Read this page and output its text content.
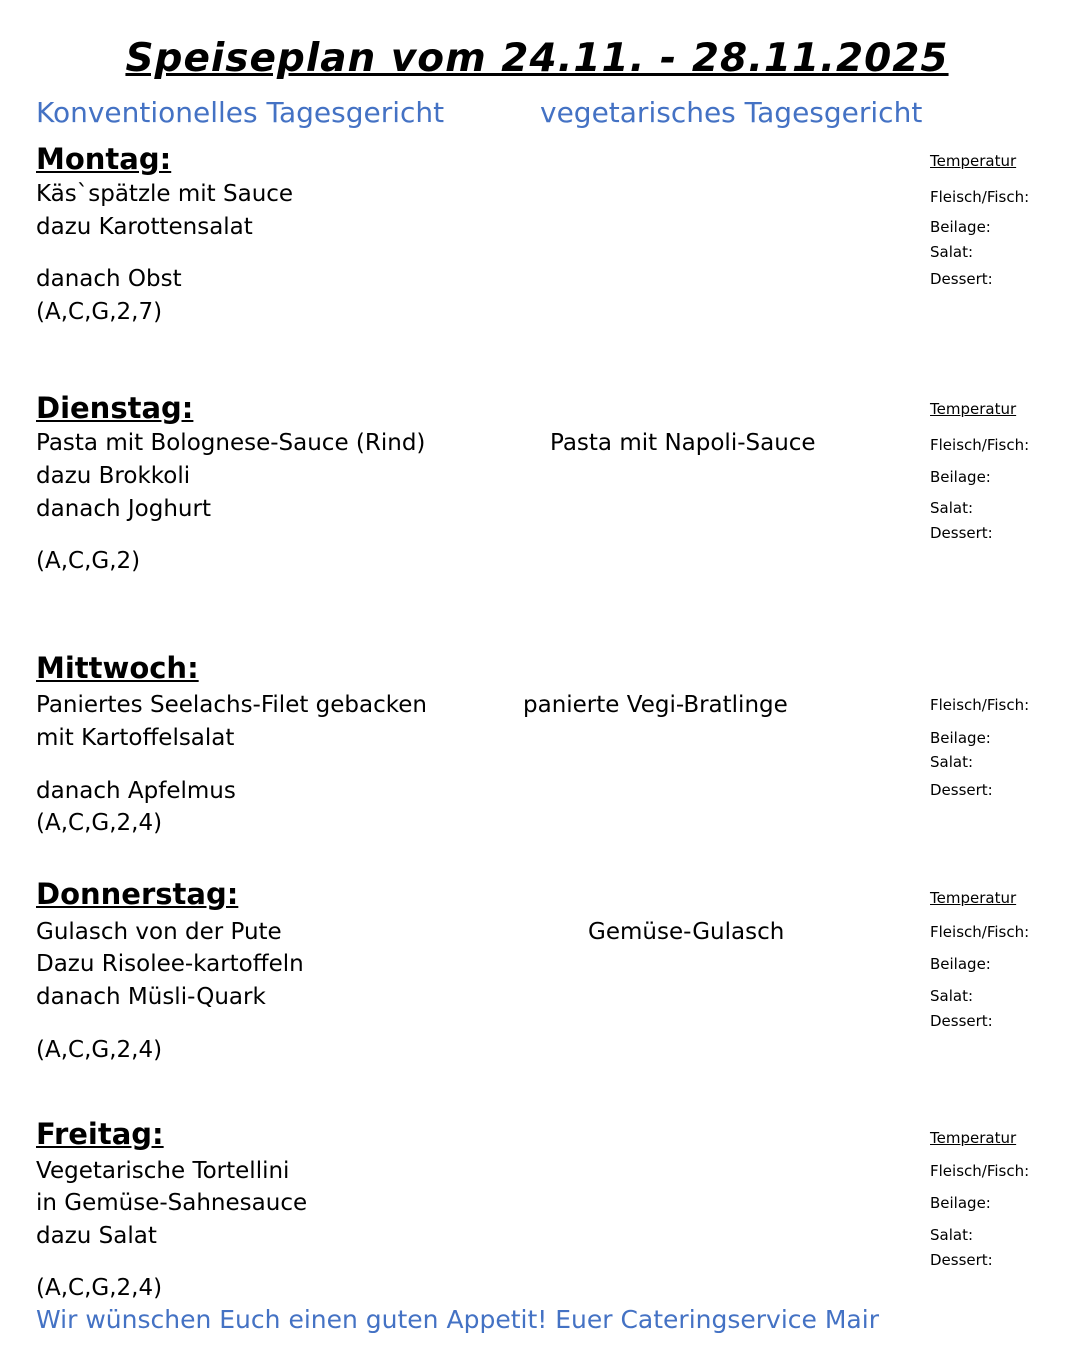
Speiseplan vom 24.11. - 28.11.2025
Konventionelles Tagesgericht	vegetarisches Tagesgericht
Montag:
Käs`spätzle mit Sauce
dazu Karottensalat
danach Obst
(A,C,G,2,7)
Temperatur
Fleisch/Fisch:
Beilage:
Salat:
Dessert:
Dienstag:
Pasta mit Bolognese-Sauce (Rind)	Pasta mit Napoli-Sauce
dazu Brokkoli
danach Joghurt
(A,C,G,2)
Temperatur
Fleisch/Fisch:
Beilage:
Salat:
Dessert:
Mittwoch:
Paniertes Seelachs-Filet gebacken	panierte Vegi-Bratlinge
mit Kartoffelsalat
danach Apfelmus
(A,C,G,2,4)
Fleisch/Fisch:
Beilage:
Salat:
Dessert:
Donnerstag:
Gulasch von der Pute	Gemüse-Gulasch
Dazu Risolee-kartoffeln
danach Müsli-Quark
(A,C,G,2,4)
Temperatur
Fleisch/Fisch:
Beilage:
Salat:
Dessert:
Freitag:
Vegetarische Tortellini
in Gemüse-Sahnesauce
dazu Salat
(A,C,G,2,4)
Temperatur
Fleisch/Fisch:
Beilage:
Salat:
Dessert:
Wir wünschen Euch einen guten Appetit! Euer Cateringservice Mair
